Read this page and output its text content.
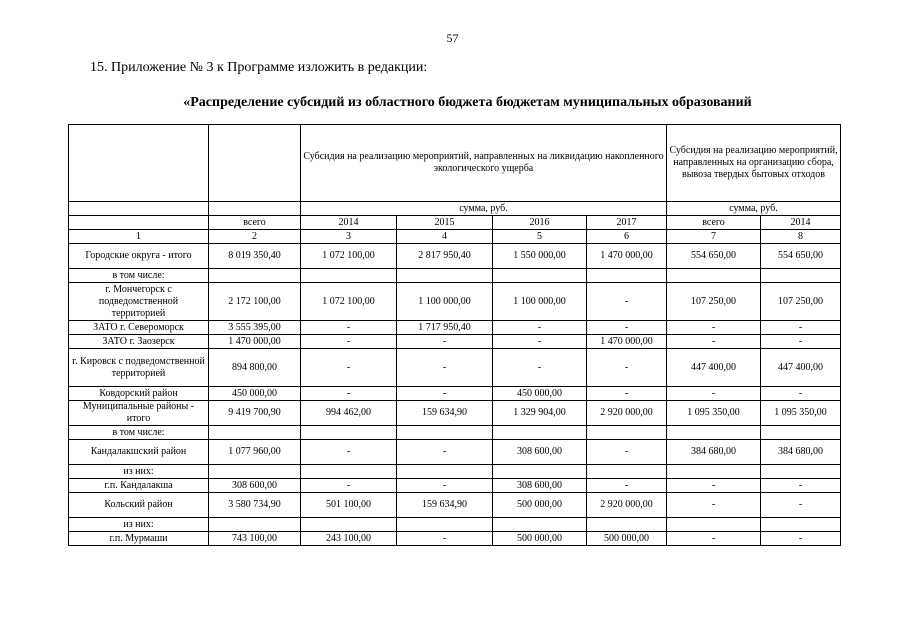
57
15. Приложение № 3 к Программе изложить в редакции:
«Распределение субсидий из областного бюджета бюджетам муниципальных образований
		Субсидия на реализацию мероприятий, направленных на ликвидацию накопленного экологического ущерба				Субсидия на реализацию мероприятий, направленных на организацию сбора, вывоза твердых бытовых отходов	
		сумма, руб.				сумма, руб.	
	всего	2014	2015	2016	2017	всего	2014
1	2	3	4	5	6	7	8
Городские округа - итого	8 019 350,40	1 072 100,00	2 817 950,40	1 550 000,00	1 470 000,00	554 650,00	554 650,00
в том числе:							
г. Мончегорск с подведомственной территорией	2 172 100,00	1 072 100,00	1 100 000,00	1 100 000,00	-	107 250,00	107 250,00
ЗАТО г. Североморск	3 555 395,00	-	1 717 950,40	-	-	-	-
ЗАТО г. Заозерск	1 470 000,00	-	-	-	1 470 000,00	-	-
г. Кировск с подведомственной территорией	894 800,00	-	-	-	-	447 400,00	447 400,00
Ковдорский район	450 000,00	-	-	450 000,00	-	-	-
Муниципальные районы - итого	9 419 700,90	994 462,00	159 634,90	1 329 904,00	2 920 000,00	1 095 350,00	1 095 350,00
в том числе:							
Кандалакшский район	1 077 960,00	-	-	308 600,00	-	384 680,00	384 680,00
из них:							
г.п. Кандалакша	308 600,00	-	-	308 600,00	-	-	-
Кольский район	3 580 734,90	501 100,00	159 634,90	500 000,00	2 920 000,00	-	-
из них:							
г.п. Мурмаши	743 100,00	243 100,00	-	500 000,00	500 000,00	-	-
